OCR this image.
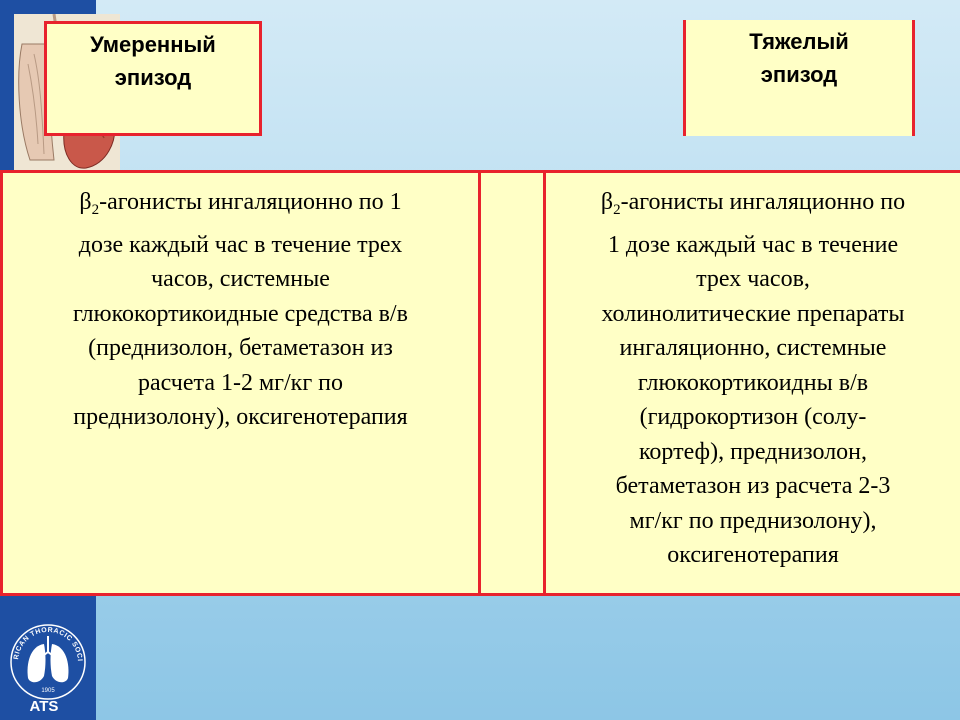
Умеренный
эпизод
Тяжелый
эпизод
$\beta_2$-агонисты ингаляционно по 1
дозе каждый час в течение трех
часов, системные
глюкокортикоидные средства в/в
(преднизолон, бетаметазон из
расчета 1-2 мг/кг по
преднизолону), оксигенотерапия
$\beta_2$-агонисты ингаляционно по
1 дозе каждый час в течение
трех часов,
холинолитические препараты
ингаляционно, системные
глюкокортикоидны в/в
(гидрокортизон (солу-
кортеф), преднизолон,
бетаметазон из расчета 2-3
мг/кг по преднизолону),
оксигенотерапия
RICAN THORACIC SOCI
1905
ATS
